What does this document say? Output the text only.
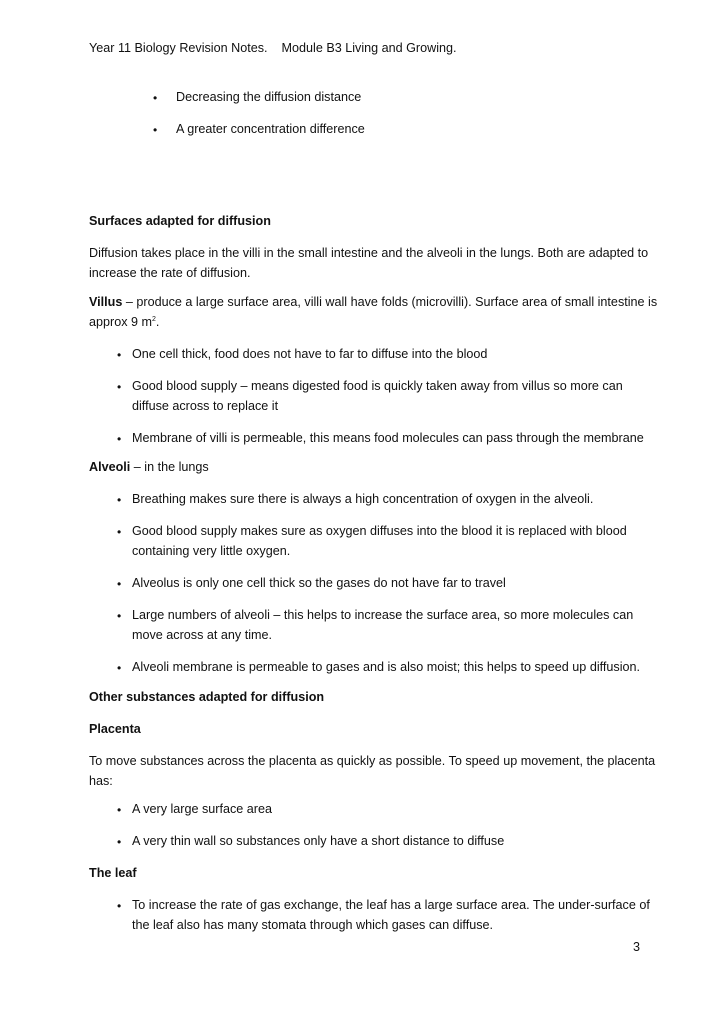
Year 11 Biology Revision Notes. Module B3 Living and Growing.

• Decreasing the diffusion distance

• A greater concentration difference

Surfaces adapted for diffusion

Diffusion takes place in the villi in the small intestine and the alveoli in the lungs. Both are adapted to

increase the rate of diffusion.

Villus – produce a large surface area, villi wall have folds (microvilli). Surface area of small intestine is

approx 9 $m^2$.

• One cell thick, food does not have to far to diffuse into the blood

• Good blood supply – means digested food is quickly taken away from villus so more can

diffuse across to replace it

• Membrane of villi is permeable, this means food molecules can pass through the membrane

Alveoli – in the lungs

• Breathing makes sure there is always a high concentration of oxygen in the alveoli.

• Good blood supply makes sure as oxygen diffuses into the blood it is replaced with blood

containing very little oxygen.

• Alveolus is only one cell thick so the gases do not have far to travel

• Large numbers of alveoli – this helps to increase the surface area, so more molecules can

move across at any time.

• Alveoli membrane is permeable to gases and is also moist; this helps to speed up diffusion.

Other substances adapted for diffusion

Placenta

To move substances across the placenta as quickly as possible. To speed up movement, the placenta

has:

• A very large surface area

• A very thin wall so substances only have a short distance to diffuse

The leaf

• To increase the rate of gas exchange, the leaf has a large surface area. The under-surface of

the leaf also has many stomata through which gases can diffuse.

3
